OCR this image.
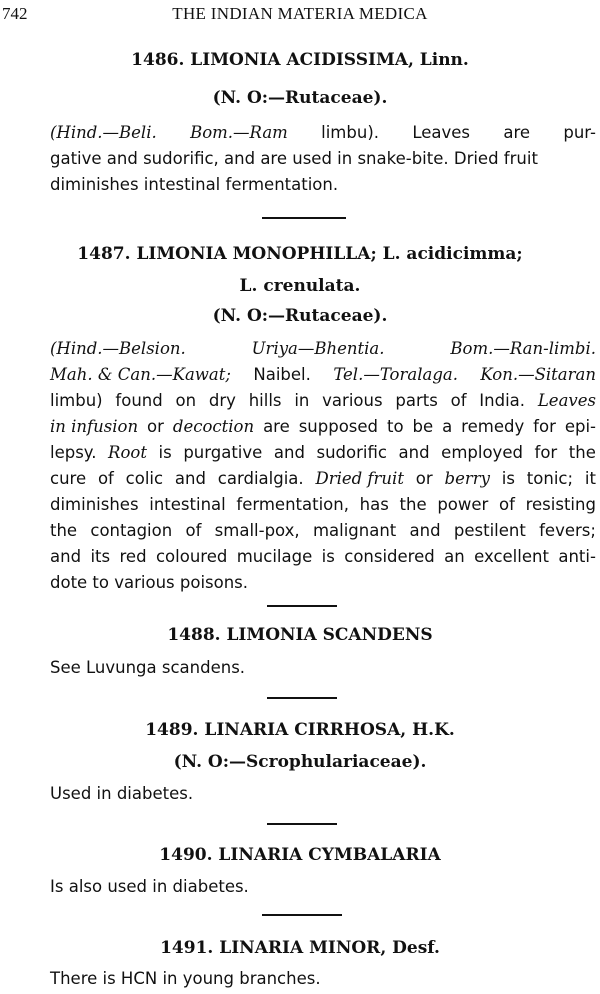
742	THE INDIAN MATERIA MEDICA
1486. LIMONIA ACIDISSIMA, Linn.
(N. O:—Rutaceae).
(Hind.—Beli. Bom.—Ram limbu). Leaves are pur-
gative and sudorific, and are used in snake-bite. Dried fruit
diminishes intestinal fermentation.
1487. LIMONIA MONOPHILLA; L. acidicimma;
L. crenulata.
(N. O:—Rutaceae).
(Hind.—Belsion.	Uriya—Bhentia.	Bom.—Ran-limbi.
Mah. & Can.—Kawat; Naibel. Tel.—Toralaga. Kon.—Sitaran
limbu) found on dry hills in various parts of India. Leaves
in infusion or decoction are supposed to be a remedy for epi-
lepsy. Root is purgative and sudorific and employed for the
cure of colic and cardialgia. Dried fruit or berry is tonic; it
diminishes intestinal fermentation, has the power of resisting
the contagion of small-pox, malignant and pestilent fevers;
and its red coloured mucilage is considered an excellent anti-
dote to various poisons.
1488. LIMONIA SCANDENS
See Luvunga scandens.
1489. LINARIA CIRRHOSA, H.K.
(N. O:—Scrophulariaceae).
Used in diabetes.
1490. LINARIA CYMBALARIA
Is also used in diabetes.
1491. LINARIA MINOR, Desf.
There is HCN in young branches.
